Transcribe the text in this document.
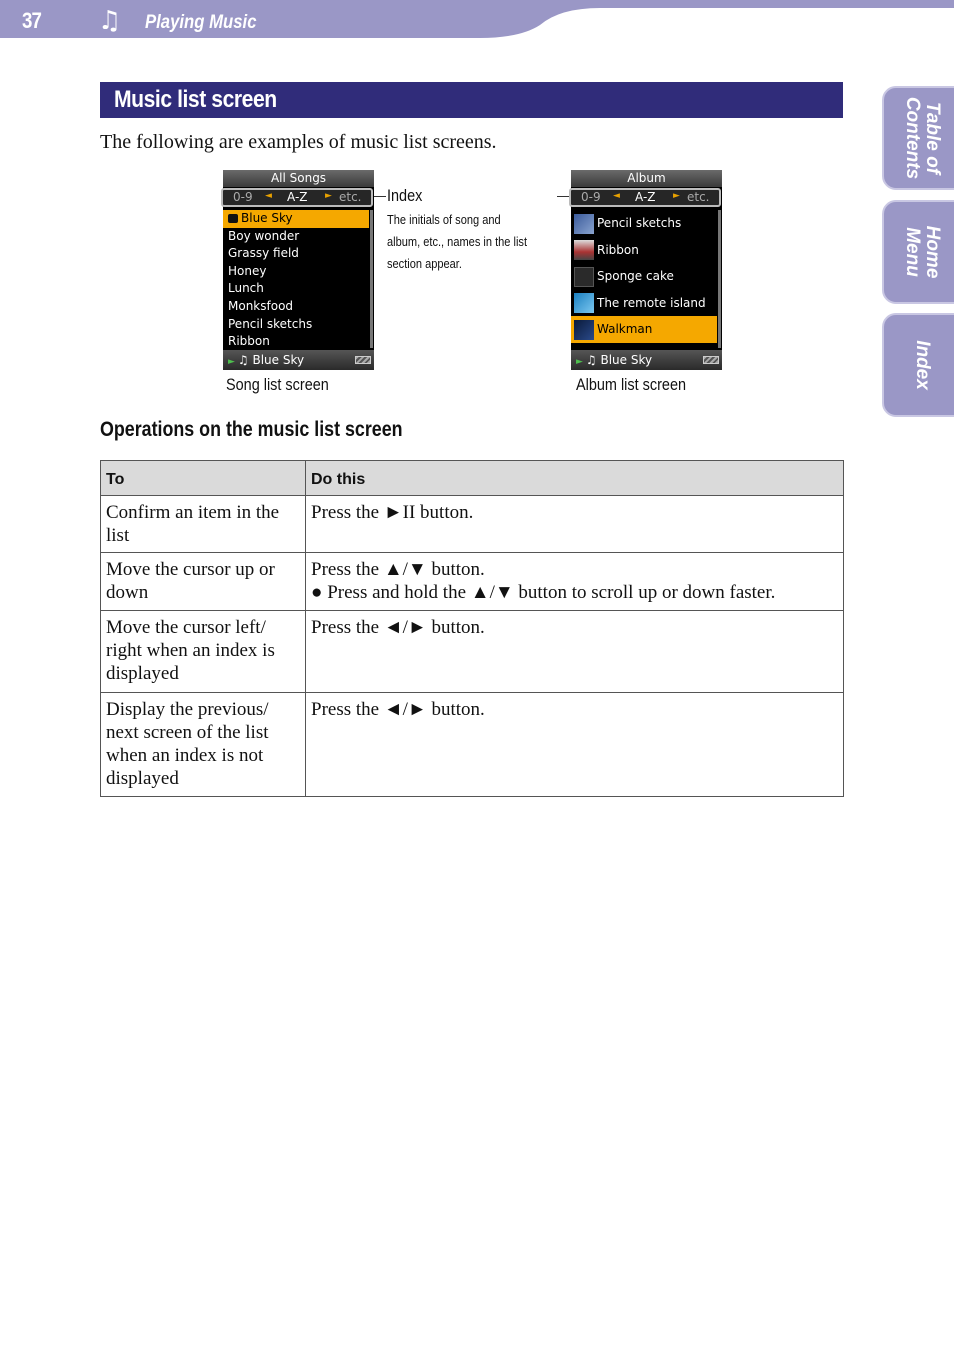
37 ♫ Playing Music
Table of Contents
Home Menu
Index
Music list screen

The following are examples of music list screens.

All Songs
0-9 ◄ A-Z ► etc.
Blue Sky
Boy wonder
Grassy field
Honey
Lunch
Monksfood
Pencil sketchs
Ribbon
► ♫ Blue Sky
Index
The initials of song and album, etc., names in the list section appear.
Album
0-9 ◄ A-Z ► etc.
Pencil sketchs
Ribbon
Sponge cake
The remote island
Walkman
► ♫ Blue Sky
Song list screen	Album list screen
Operations on the music list screen
To	Do this
Confirm an item in the list	Press the ►II button.
Move the cursor up or down	Press the ▲/▼ button.
● Press and hold the ▲/▼ button to scroll up or down faster.

Move the cursor left/ right when an index is displayed	Press the ◄/► button.
Display the previous/ next screen of the list when an index is not displayed	Press the ◄/► button.
